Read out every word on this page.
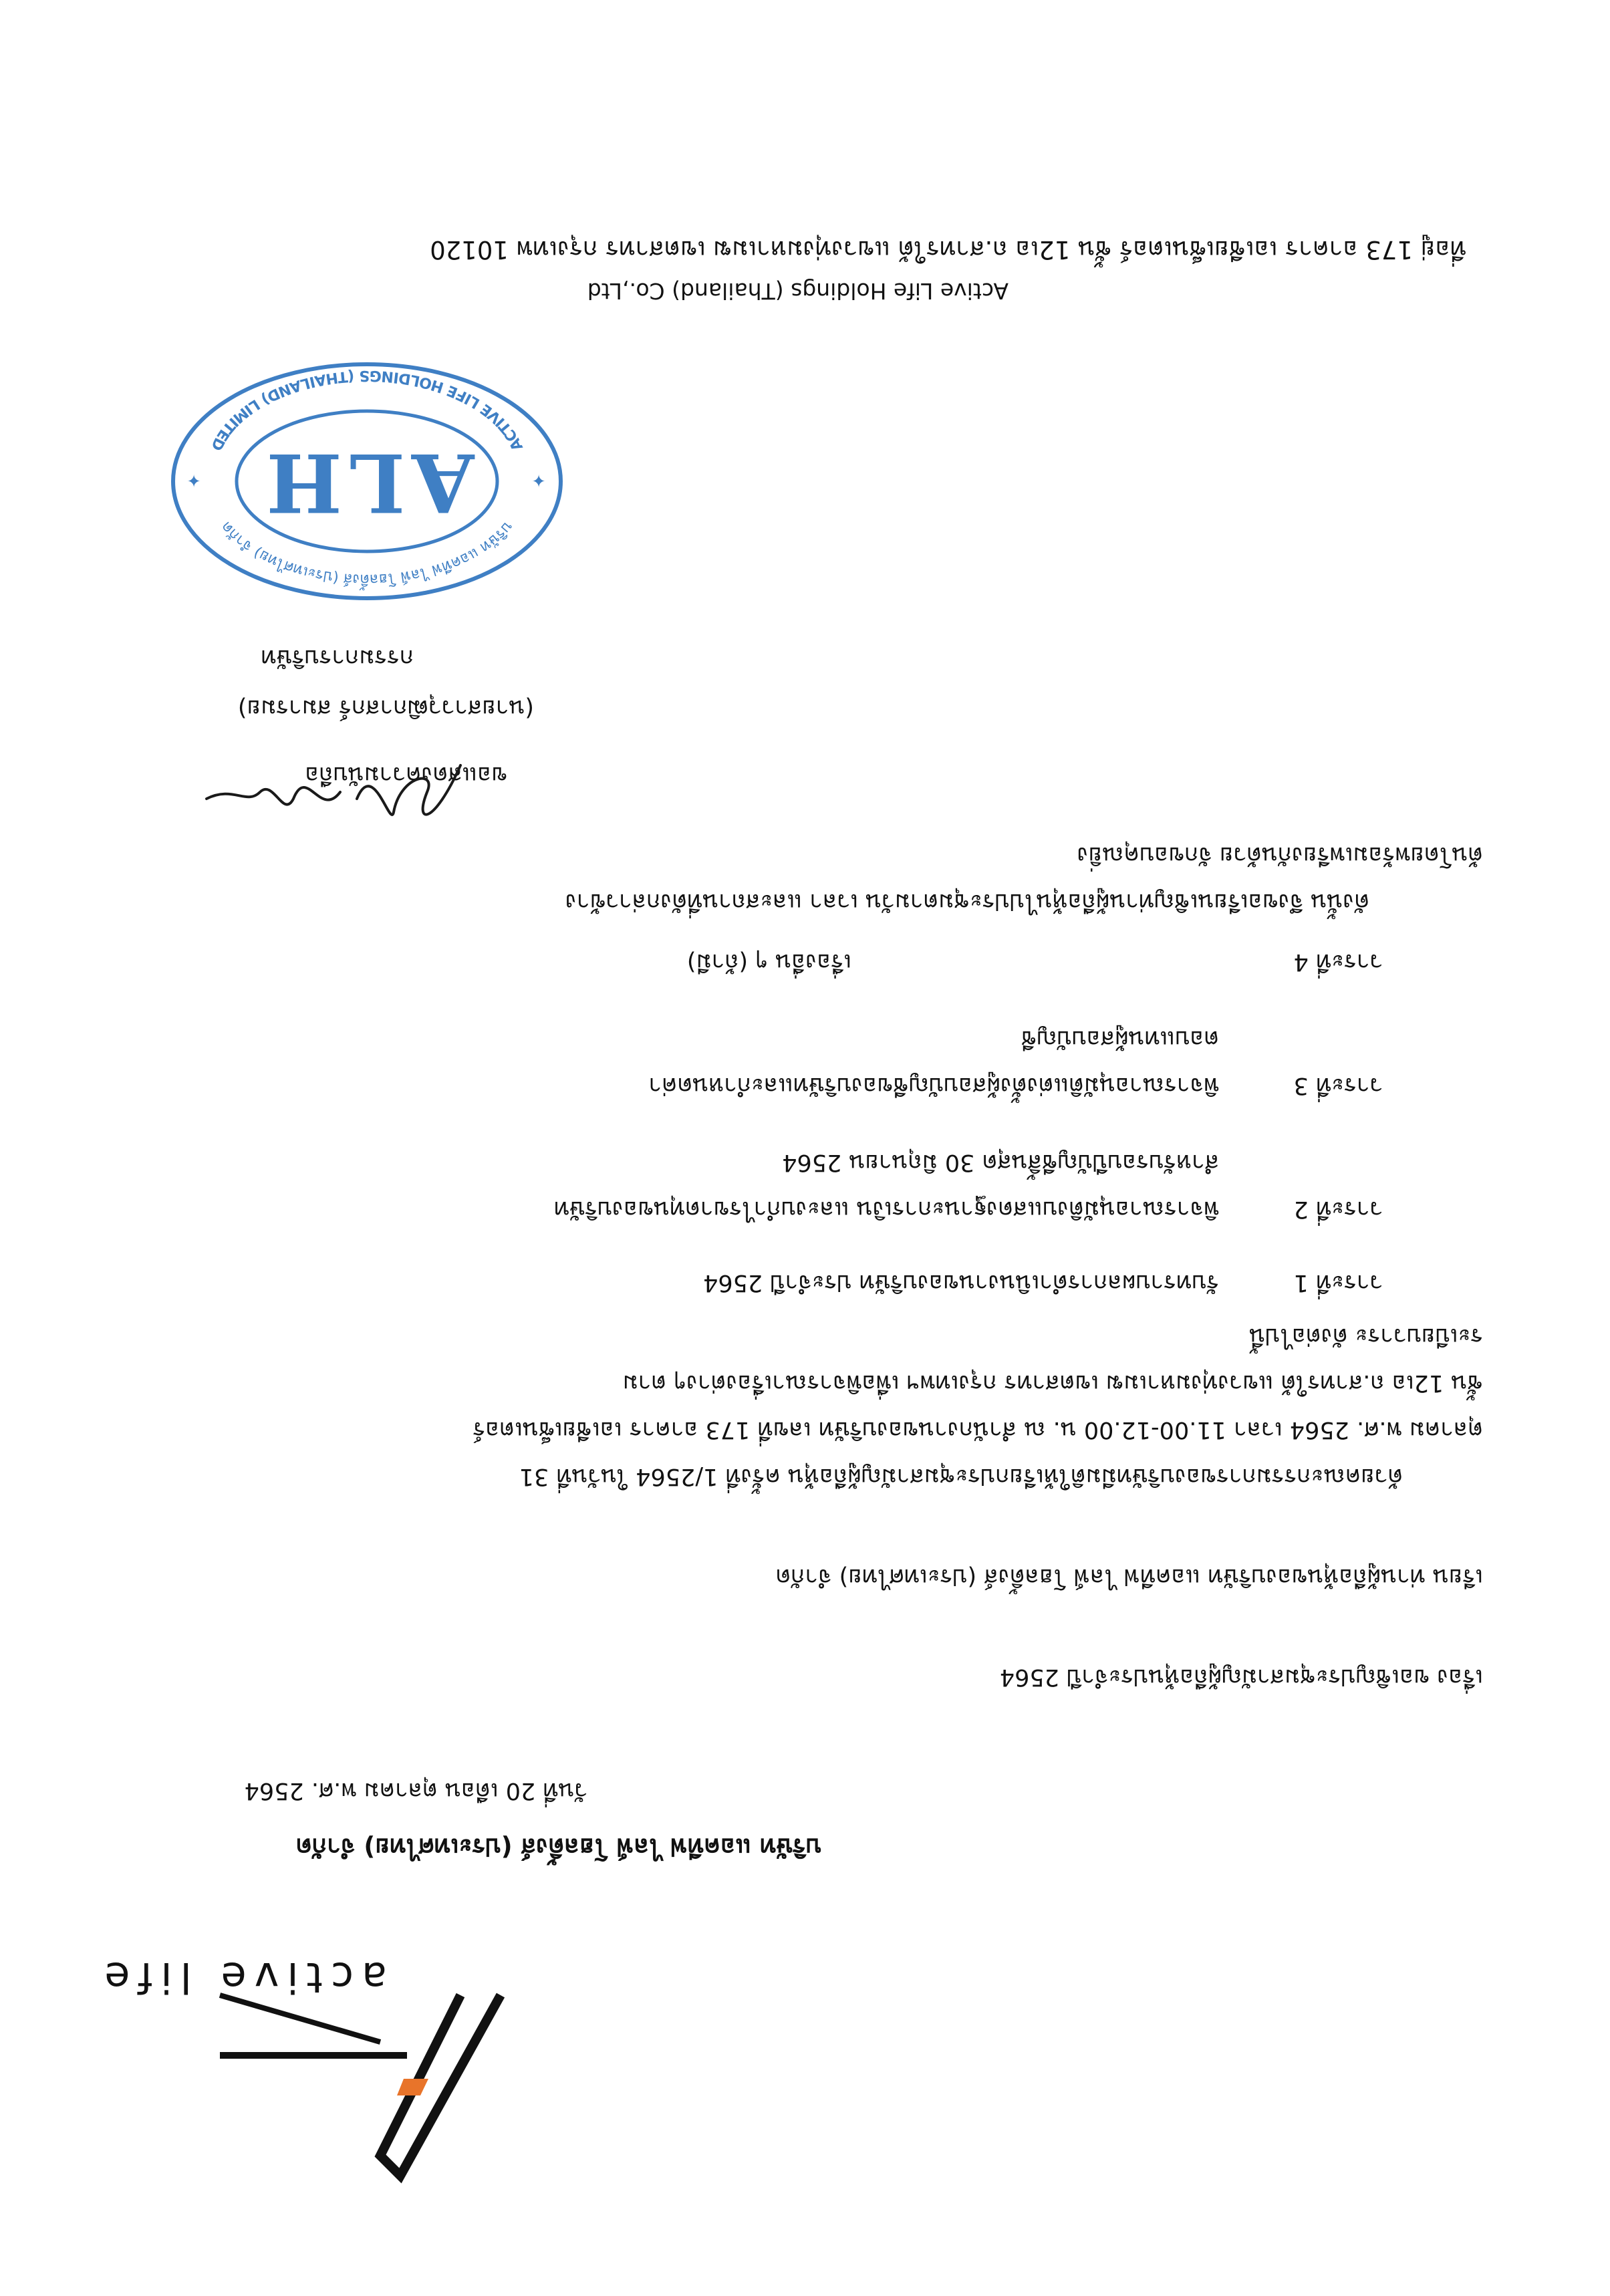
active life
บริษัท แอคทีฟ ไลฟ์ โฮลดิ้งส์ (ประเทศไทย) จำกัด
วันที่ 20 เดือน ตุลาคม พ.ศ. 2564
เรื่อง ขอเชิญประชุมสามัญผู้ถือหุ้นประจำปี 2564
เรียน ท่านผู้ถือหุ้นของบริษัท แอคทีฟ ไลฟ์ โฮลดิ้งส์ (ประเทศไทย) จำกัด
ด้วยคณะกรรมการของบริษัทมีมติให้เรียกประชุมสามัญผู้ถือหุ้น ครั้งที่ 1/2564 ในวันที่ 31
ตุลาคม พ.ศ. 2564 เวลา 11.00-12.00 น. ณ สำนักงานของบริษัท เลขที่ 173 อาคาร เอเชียเซ็นเตอร์
ชั้น 12เอ ถ.สาทรใต้ แขวงทุ่งมหาเมฆ เขตสาทร กรุงเทพฯ เพื่อพิจารณาเรื่องต่างๆ ตาม
ระเบียบวาระ ดังต่อไปนี้
วาระที่ 1
รับทราบผลการดำเนินงานของบริษัท ประจำปี 2564
วาระที่ 2
พิจารณาอนุมัติงบแสดงฐานะการเงิน และงบกำไรขาดทุนของบริษัท
สำหรับรอบปีบัญชีสิ้นสุด 30 มิถุนายน 2564
วาระที่ 3
พิจารณาอนุมัติแต่งตั้งผู้สอบบัญชีของบริษัทและกำหนดค่า
ตอบแทนผู้สอบบัญชี
วาระที่ 4
เรื่องอื่น ๆ (ถ้ามี)
ดังนั้น จึงขอเรียนเชิญท่านผู้ถือหุ้นไปประชุมตามวัน เวลา และสถานที่ดังกล่าวข้าง
ต้นโดยพร้อมเพรียงกันด้วย จักขอบคุณยิ่ง
ขอแสดงความนับถือ
(นายสาววุฒิกาสกร์ สมารมย)
กรรมการบริษัท
ALH	บริษัท แอคทีฟ ไลฟ์ โฮลดิ้งส์ (ประเทศไทย) จำกัด
ACTIVE LIFE HOLDINGS (THAILAND) LIMITED
✦
✦
Active Life Holdings (Thailand) Co.,Ltd
ที่อยู่ 173 อาคาร เอเชียเซ็นเตอร์ ชั้น 12เอ ถ.สาทรใต้ แขวงทุ่งมหาเมฆ เขตสาทร กรุงเทพ 10120
